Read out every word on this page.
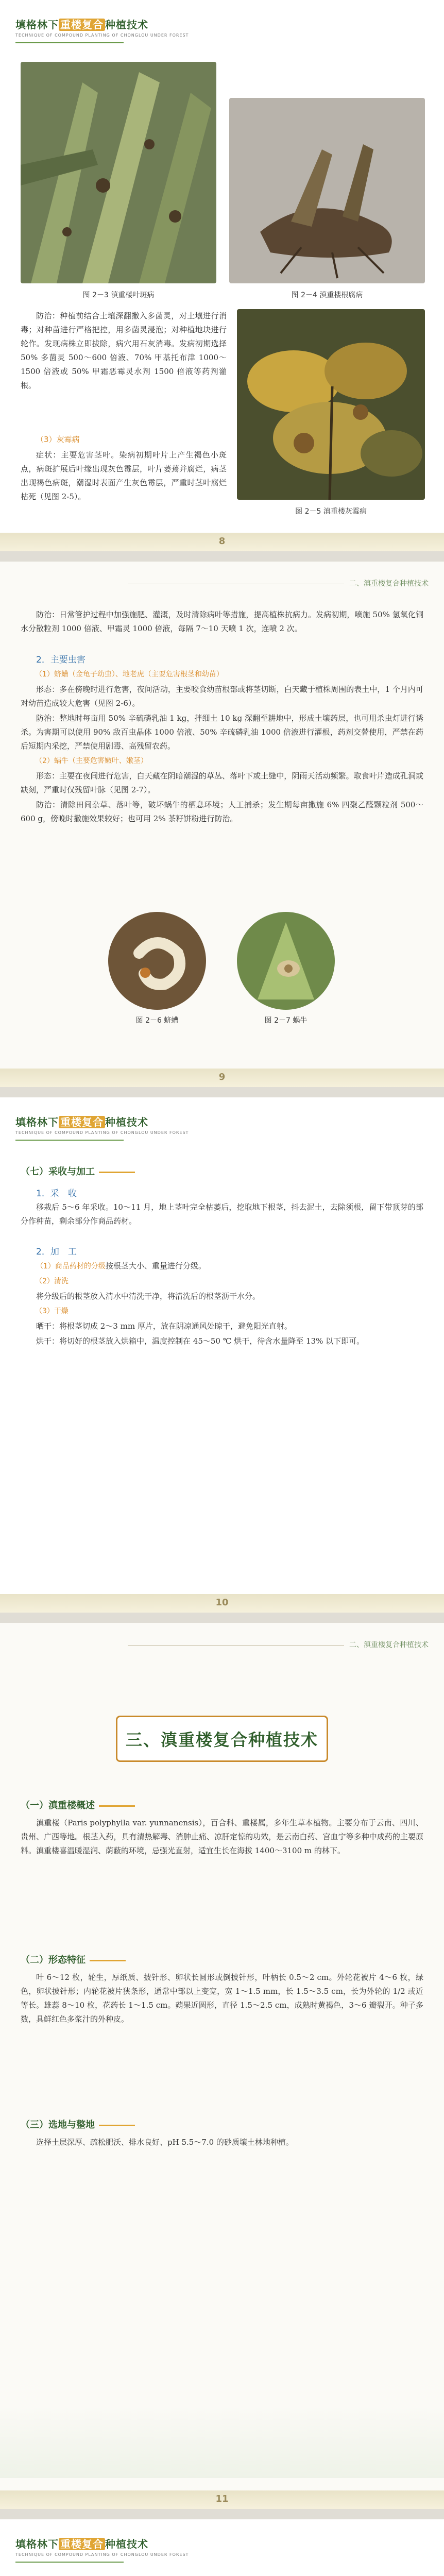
填格林下 重楼复合 种植技术
TECHNIQUE OF COMPOUND PLANTING OF CHONGLOU UNDER FOREST
图 2－3 滇重楼叶斑病	图 2－4 滇重楼根腐病

防治：种植前结合土壤深翻撒入多菌灵，对土壤进行消毒；对种苗进行严格把控，用多菌灵浸泡；对种植地块进行轮作。发现病株立即拔除，病穴用石灰消毒。发病初期选择 50% 多菌灵 500～600 倍液、70% 甲基托布津 1000～1500 倍液或 50% 甲霜恶霉灵水剂 1500 倍液等药剂灌根。

（3）灰霉病

症状：主要危害茎叶。染病初期叶片上产生褐色小斑点，病斑扩展后叶缘出现灰色霉层，叶片萎蔫并腐烂，病茎出现褐色病斑，潮湿时表面产生灰色霉层，严重时茎叶腐烂枯死（见图 2-5）。

图 2－5 滇重楼灰霉病
8
二、滇重楼复合种植技术

防治：日常管护过程中加强施肥、灌溉，及时清除病叶等措施，提高植株抗病力。发病初期，喷施 50% 氢氧化铜水分散粒剂 1000 倍液、甲霜灵 1000 倍液，每隔 7～10 天喷 1 次，连喷 2 次。

2．主要虫害

（1）蛴螬（金龟子幼虫）、地老虎（主要危害根茎和幼苗）

形态：多在傍晚时进行危害，夜间活动，主要咬食幼苗根部或将茎切断，白天藏于植株周围的表土中，1 个月内可对幼苗造成较大危害（见图 2-6）。

防治：整地时每亩用 50% 辛硫磷乳油 1 kg，拌细土 10 kg 深翻至耕地中，形成土壤药层，也可用杀虫灯进行诱杀。为害期可以使用 90% 敌百虫晶体 1000 倍液、50% 辛硫磷乳油 1000 倍液进行灌根，药剂交替使用，严禁在药后短期内采挖，严禁使用剧毒、高残留农药。

（2）蜗牛（主要危害嫩叶、嫩茎）

形态：主要在夜间进行危害，白天藏在阴暗潮湿的草丛、落叶下或土缝中，阴雨天活动频繁。取食叶片造成孔洞或缺刻，严重时仅残留叶脉（见图 2-7）。

防治：清除田间杂草、落叶等，破坏蜗牛的栖息环境；人工捕杀；发生期每亩撒施 6% 四聚乙醛颗粒剂 500～600 g，傍晚时撒施效果较好；也可用 2% 茶籽饼粉进行防治。

图 2－6 蛴螬	图 2－7 蜗牛
9
填格林下 重楼复合 种植技术
TECHNIQUE OF COMPOUND PLANTING OF CHONGLOU UNDER FOREST
（七）采收与加工
1．采　收

移栽后 5～6 年采收。10～11 月，地上茎叶完全枯萎后，挖取地下根茎，抖去泥土，去除须根，留下带顶芽的部分作种苗，剩余部分作商品药材。

2．加　工

（1）商品药材的分级按根茎大小、重量进行分级。

（2）清洗

将分级后的根茎放入清水中清洗干净，将清洗后的根茎沥干水分。

（3）干燥

晒干：将根茎切成 2～3 mm 厚片，放在阴凉通风处晾干，避免阳光直射。

烘干：将切好的根茎放入烘箱中，温度控制在 45～50 ℃ 烘干，待含水量降至 13% 以下即可。

10
二、滇重楼复合种植技术
三、滇重楼复合种植技术
（一）滇重楼概述

滇重楼（Paris polyphylla var. yunnanensis），百合科、重楼属，多年生草本植物。主要分布于云南、四川、贵州、广西等地。根茎入药，具有清热解毒、消肿止痛、凉肝定惊的功效，是云南白药、宫血宁等多种中成药的主要原料。滇重楼喜温暖湿润、荫蔽的环境，忌强光直射，适宜生长在海拔 1400～3100 m 的林下。

（二）形态特征

叶 6～12 枚，轮生，厚纸质、披针形、卵状长圆形或倒披针形，叶柄长 0.5～2 cm。外轮花被片 4～6 枚，绿色，卵状披针形；内轮花被片狭条形，通常中部以上变宽，宽 1～1.5 mm，长 1.5～3.5 cm，长为外轮的 1/2 或近等长。雄蕊 8～10 枚，花药长 1～1.5 cm。蒴果近圆形，直径 1.5～2.5 cm，成熟时黄褐色，3～6 瓣裂开。种子多数，具鲜红色多浆汁的外种皮。

（三）选地与整地

选择土层深厚、疏松肥沃、排水良好、pH 5.5～7.0 的砂质壤土林地种植。

11
填格林下 重楼复合 种植技术
TECHNIQUE OF COMPOUND PLANTING OF CHONGLOU UNDER FOREST
